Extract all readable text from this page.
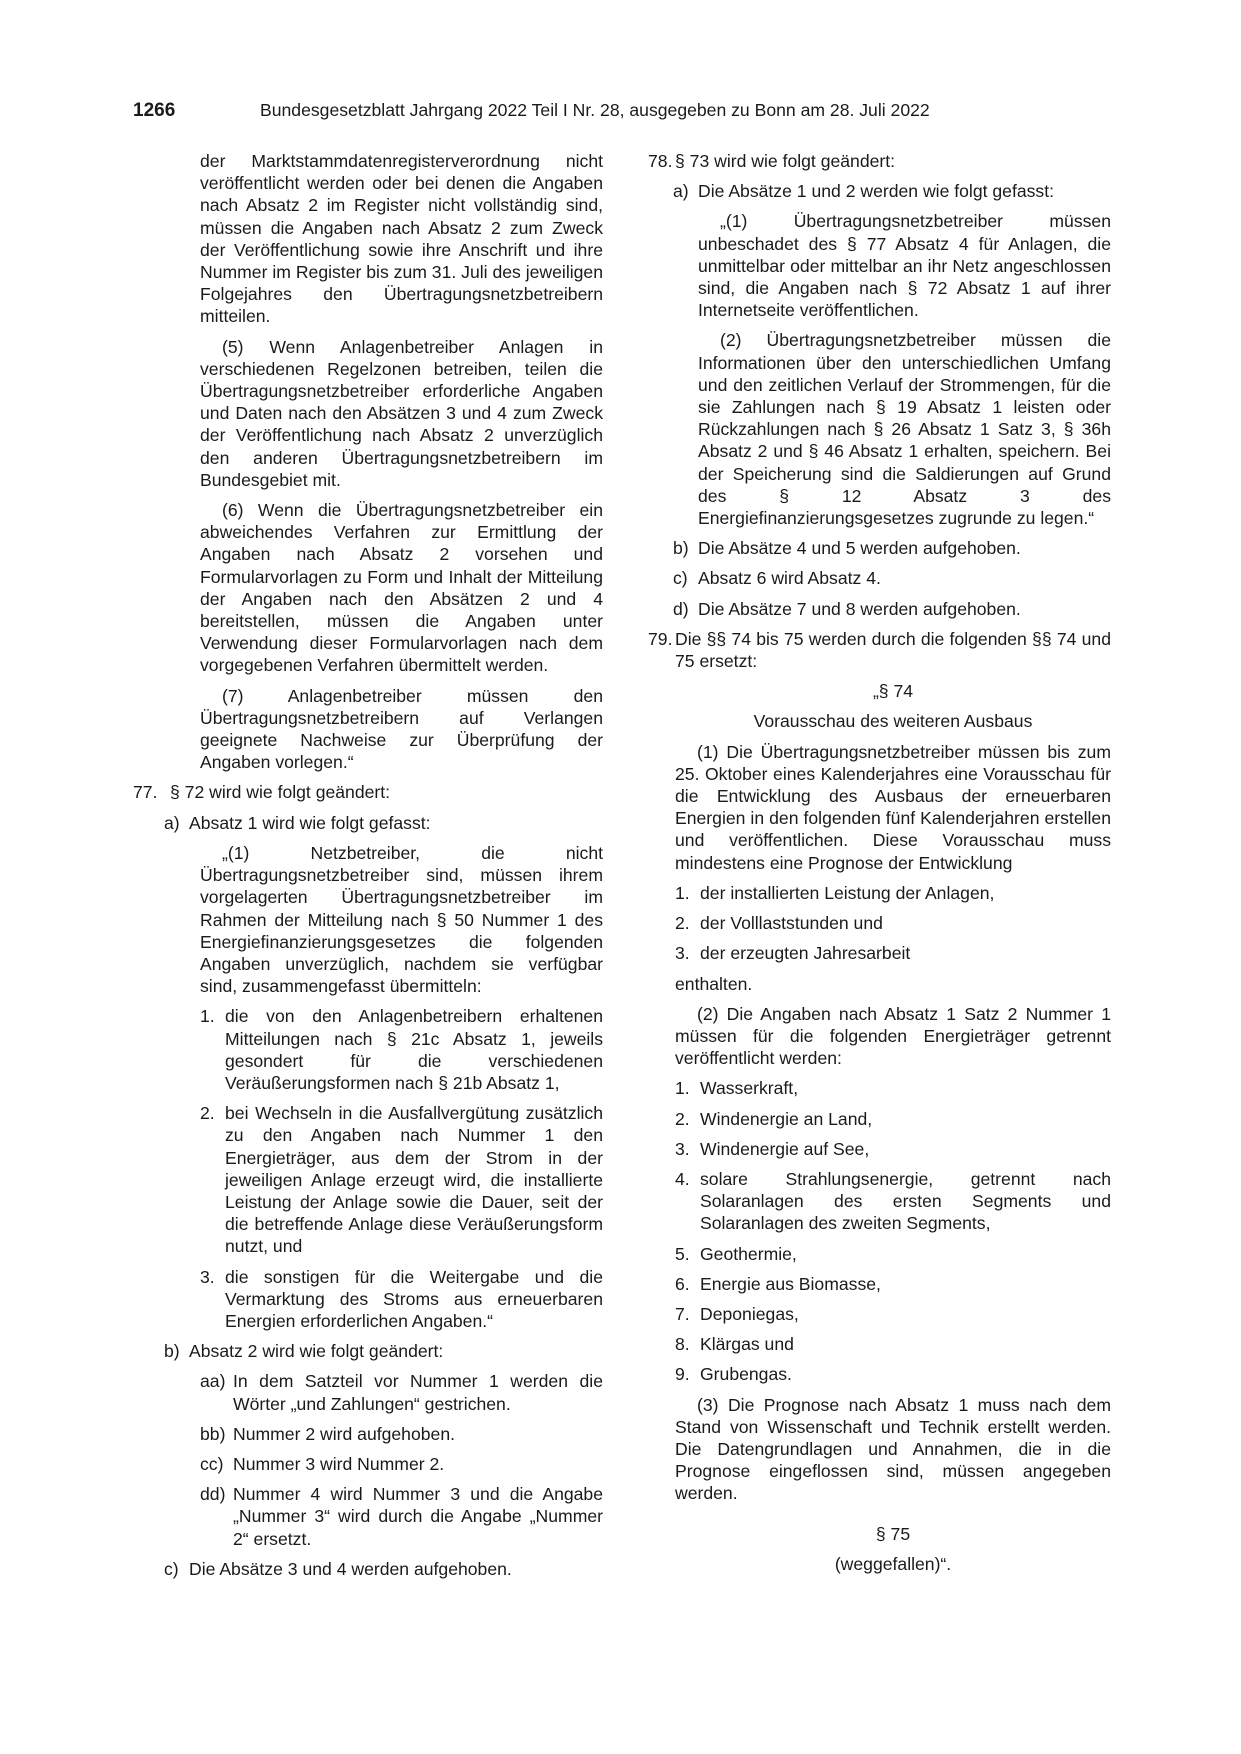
1266	Bundesgesetzblatt Jahrgang 2022 Teil I Nr. 28, ausgegeben zu Bonn am 28. Juli 2022

der Marktstammdatenregisterverordnung nicht veröffentlicht werden oder bei denen die Angaben nach Absatz 2 im Register nicht vollständig sind, müssen die Angaben nach Absatz 2 zum Zweck der Veröffentlichung sowie ihre Anschrift und ihre Nummer im Register bis zum 31. Juli des jeweiligen Folgejahres den Übertragungsnetzbetreibern mitteilen.

(5) Wenn Anlagenbetreiber Anlagen in verschiedenen Regelzonen betreiben, teilen die Übertragungsnetzbetreiber erforderliche Angaben und Daten nach den Absätzen 3 und 4 zum Zweck der Veröffentlichung nach Absatz 2 unverzüglich den anderen Übertragungsnetzbetreibern im Bundesgebiet mit.

(6) Wenn die Übertragungsnetzbetreiber ein abweichendes Verfahren zur Ermittlung der Angaben nach Absatz 2 vorsehen und Formularvorlagen zu Form und Inhalt der Mitteilung der Angaben nach den Absätzen 2 und 4 bereitstellen, müssen die Angaben unter Verwendung dieser Formularvorlagen nach dem vorgegebenen Verfahren übermittelt werden.

(7) Anlagenbetreiber müssen den Übertragungsnetzbetreibern auf Verlangen geeignete Nachweise zur Überprüfung der Angaben vorlegen.“

77. § 72 wird wie folgt geändert:
a) Absatz 1 wird wie folgt gefasst:

„(1) Netzbetreiber, die nicht Übertragungsnetzbetreiber sind, müssen ihrem vorgelagerten Übertragungsnetzbetreiber im Rahmen der Mitteilung nach § 50 Nummer 1 des Energiefinanzierungsgesetzes die folgenden Angaben unverzüglich, nachdem sie verfügbar sind, zusammengefasst übermitteln:

1. die von den Anlagenbetreibern erhaltenen Mitteilungen nach § 21c Absatz 1, jeweils gesondert für die verschiedenen Veräußerungsformen nach § 21b Absatz 1,
2. bei Wechseln in die Ausfallvergütung zusätzlich zu den Angaben nach Nummer 1 den Energieträger, aus dem der Strom in der jeweiligen Anlage erzeugt wird, die installierte Leistung der Anlage sowie die Dauer, seit der die betreffende Anlage diese Veräußerungsform nutzt, und
3. die sonstigen für die Weitergabe und die Vermarktung des Stroms aus erneuerbaren Energien erforderlichen Angaben.“
b) Absatz 2 wird wie folgt geändert:
aa) In dem Satzteil vor Nummer 1 werden die Wörter „und Zahlungen“ gestrichen.
bb) Nummer 2 wird aufgehoben.
cc) Nummer 3 wird Nummer 2.
dd) Nummer 4 wird Nummer 3 und die Angabe „Nummer 3“ wird durch die Angabe „Nummer 2“ ersetzt.
c) Die Absätze 3 und 4 werden aufgehoben.
78. § 73 wird wie folgt geändert:
a) Die Absätze 1 und 2 werden wie folgt gefasst:

„(1) Übertragungsnetzbetreiber müssen unbeschadet des § 77 Absatz 4 für Anlagen, die unmittelbar oder mittelbar an ihr Netz angeschlossen sind, die Angaben nach § 72 Absatz 1 auf ihrer Internetseite veröffentlichen.

(2) Übertragungsnetzbetreiber müssen die Informationen über den unterschiedlichen Umfang und den zeitlichen Verlauf der Strommengen, für die sie Zahlungen nach § 19 Absatz 1 leisten oder Rückzahlungen nach § 26 Absatz 1 Satz 3, § 36h Absatz 2 und § 46 Absatz 1 erhalten, speichern. Bei der Speicherung sind die Saldierungen auf Grund des § 12 Absatz 3 des Energiefinanzierungsgesetzes zugrunde zu legen.“

b) Die Absätze 4 und 5 werden aufgehoben.
c) Absatz 6 wird Absatz 4.
d) Die Absätze 7 und 8 werden aufgehoben.
79. Die §§ 74 bis 75 werden durch die folgenden §§ 74 und 75 ersetzt:

„§ 74

Vorausschau des weiteren Ausbaus

(1) Die Übertragungsnetzbetreiber müssen bis zum 25. Oktober eines Kalenderjahres eine Vorausschau für die Entwicklung des Ausbaus der erneuerbaren Energien in den folgenden fünf Kalenderjahren erstellen und veröffentlichen. Diese Vorausschau muss mindestens eine Prognose der Entwicklung

1. der installierten Leistung der Anlagen,
2. der Volllaststunden und
3. der erzeugten Jahresarbeit

enthalten.

(2) Die Angaben nach Absatz 1 Satz 2 Nummer 1 müssen für die folgenden Energieträger getrennt veröffentlicht werden:

1. Wasserkraft,
2. Windenergie an Land,
3. Windenergie auf See,
4. solare Strahlungsenergie, getrennt nach Solaranlagen des ersten Segments und Solaranlagen des zweiten Segments,
5. Geothermie,
6. Energie aus Biomasse,
7. Deponiegas,
8. Klärgas und
9. Grubengas.

(3) Die Prognose nach Absatz 1 muss nach dem Stand von Wissenschaft und Technik erstellt werden. Die Datengrundlagen und Annahmen, die in die Prognose eingeflossen sind, müssen angegeben werden.

§ 75

(weggefallen)“.
